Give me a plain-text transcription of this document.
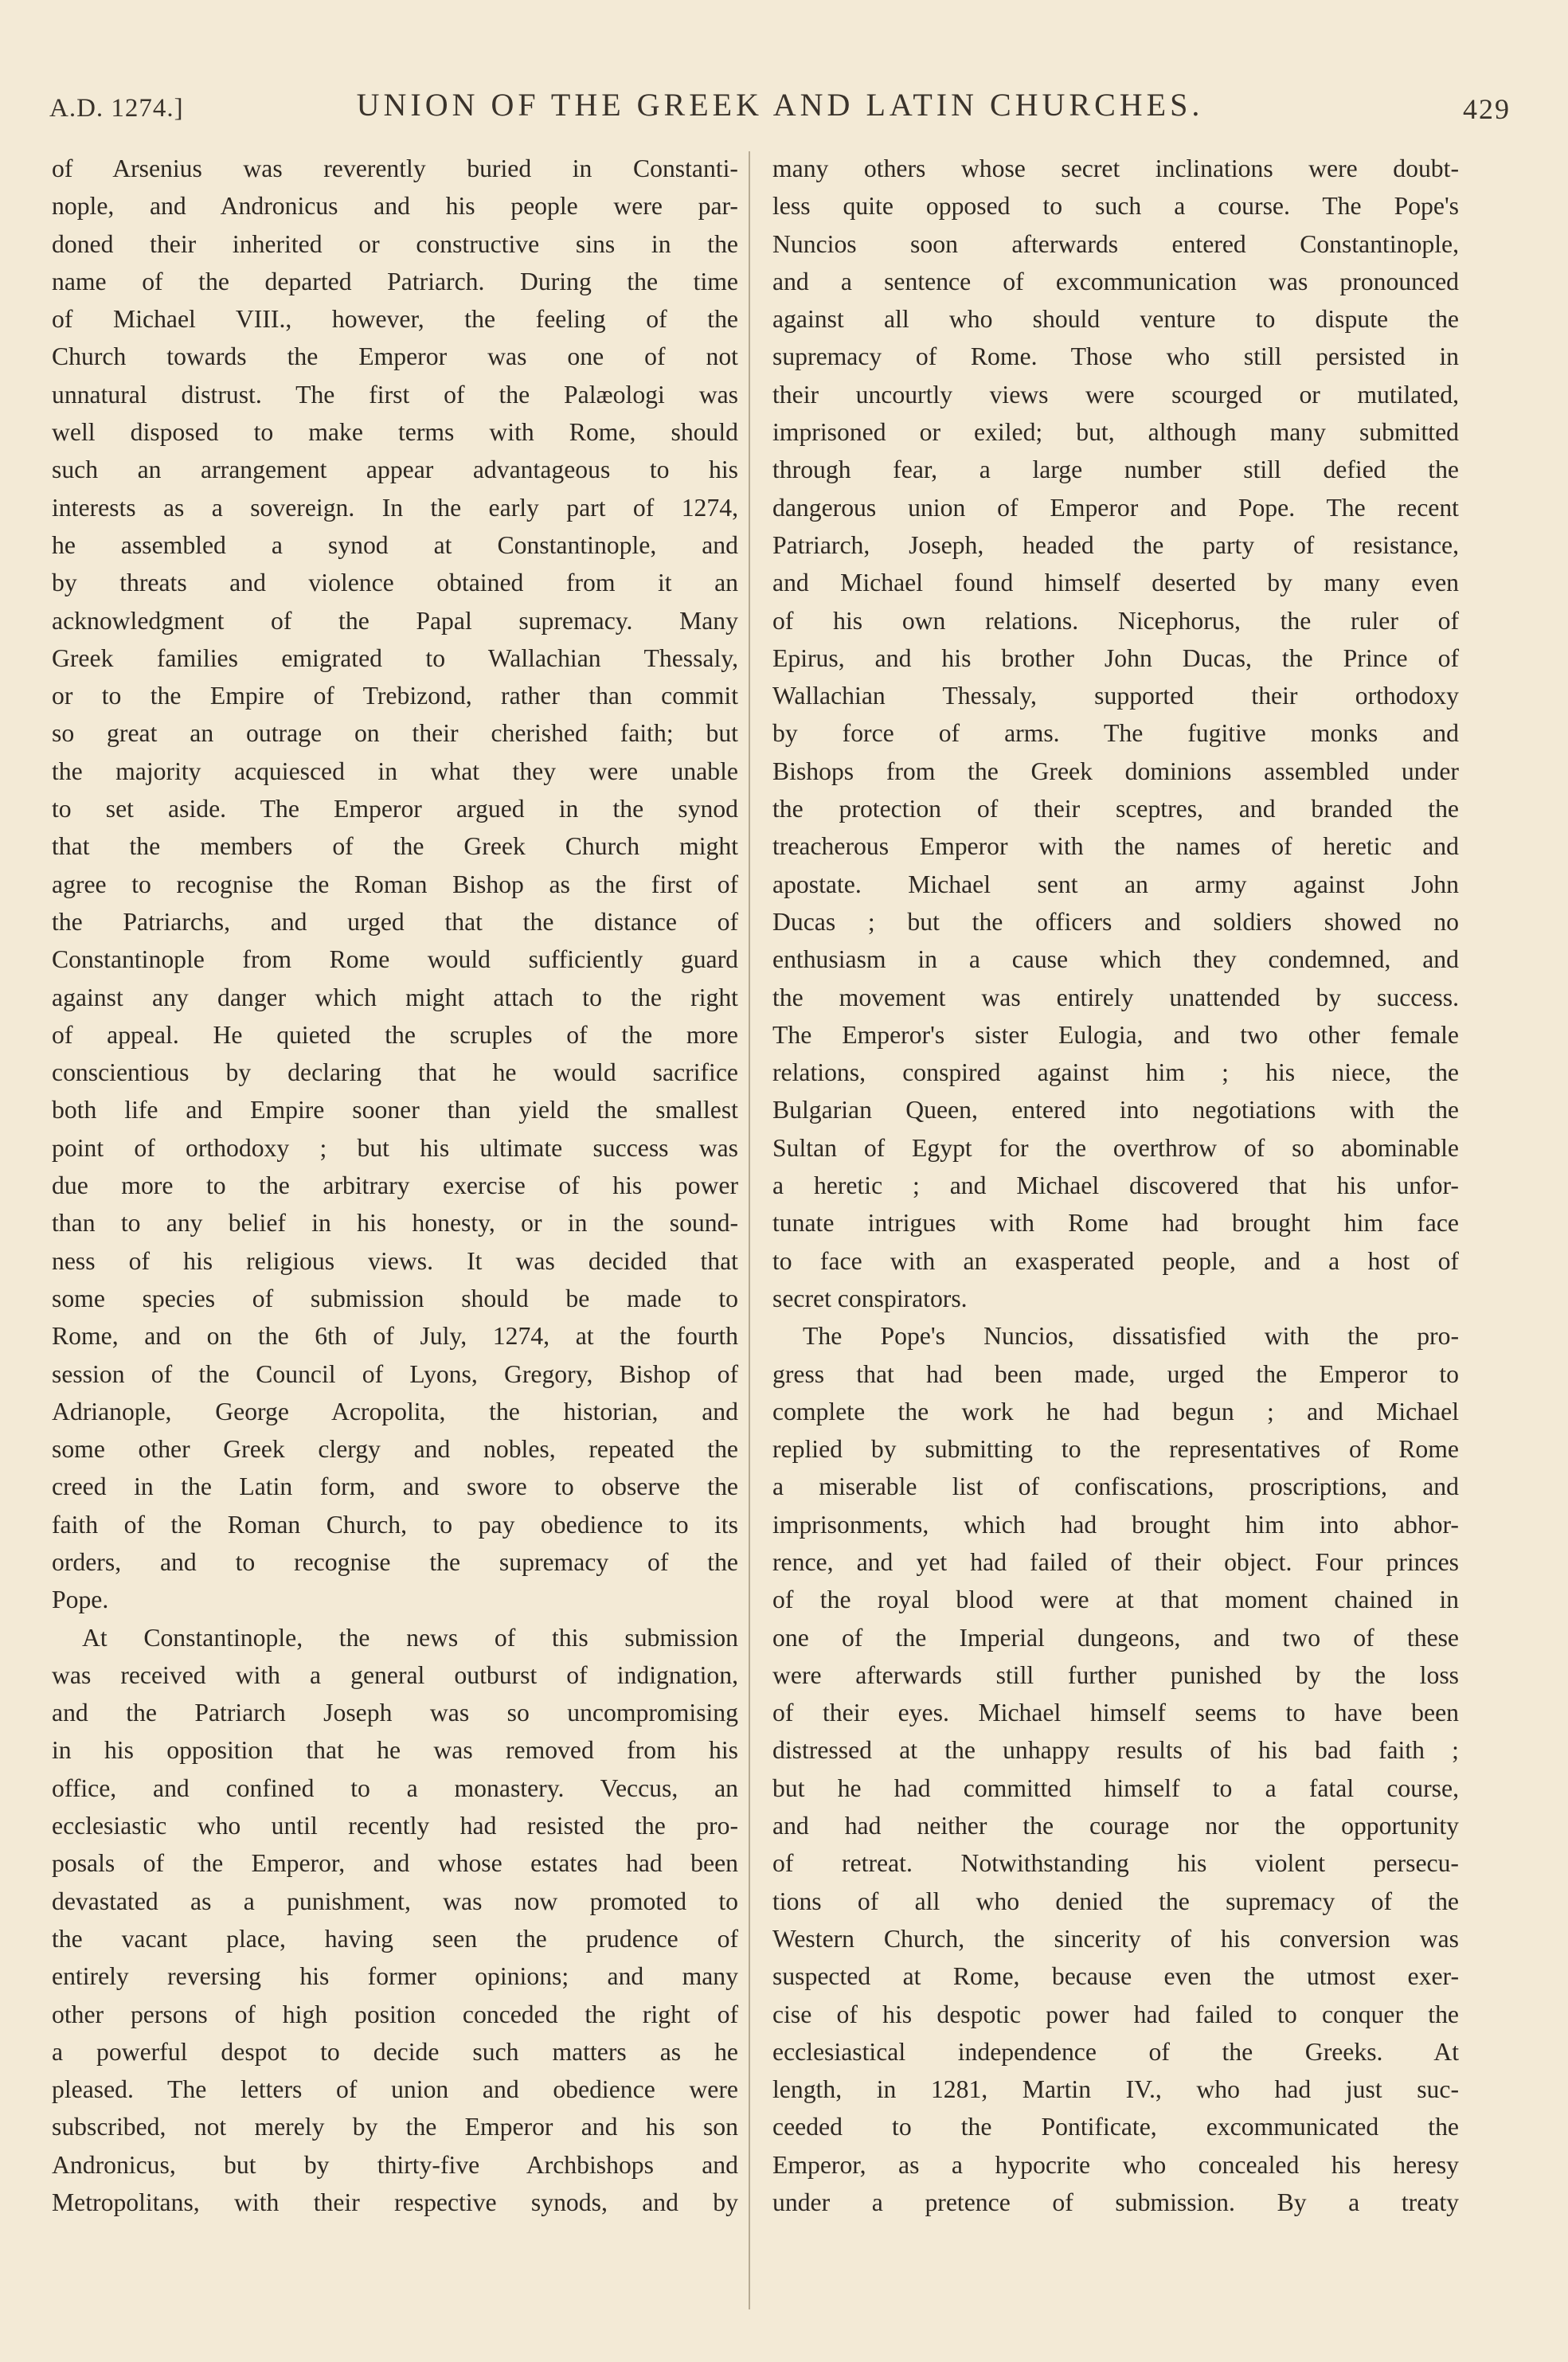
A.D. 1274.]	UNION OF THE GREEK AND LATIN CHURCHES.	429
of Arsenius was reverently buried in Constanti-
nople, and Andronicus and his people were par-
doned their inherited or constructive sins in the
name of the departed Patriarch. During the time
of Michael VIII., however, the feeling of the
Church towards the Emperor was one of not
unnatural distrust. The first of the Palæologi was
well disposed to make terms with Rome, should
such an arrangement appear advantageous to his
interests as a sovereign. In the early part of 1274,
he assembled a synod at Constantinople, and
by threats and violence obtained from it an
acknowledgment of the Papal supremacy. Many
Greek families emigrated to Wallachian Thessaly,
or to the Empire of Trebizond, rather than commit
so great an outrage on their cherished faith; but
the majority acquiesced in what they were unable
to set aside. The Emperor argued in the synod
that the members of the Greek Church might
agree to recognise the Roman Bishop as the first of
the Patriarchs, and urged that the distance of
Constantinople from Rome would sufficiently guard
against any danger which might attach to the right
of appeal. He quieted the scruples of the more
conscientious by declaring that he would sacrifice
both life and Empire sooner than yield the smallest
point of orthodoxy ; but his ultimate success was
due more to the arbitrary exercise of his power
than to any belief in his honesty, or in the sound-
ness of his religious views. It was decided that
some species of submission should be made to
Rome, and on the 6th of July, 1274, at the fourth
session of the Council of Lyons, Gregory, Bishop of
Adrianople, George Acropolita, the historian, and
some other Greek clergy and nobles, repeated the
creed in the Latin form, and swore to observe the
faith of the Roman Church, to pay obedience to its
orders, and to recognise the supremacy of the
Pope.
At Constantinople, the news of this submission
was received with a general outburst of indignation,
and the Patriarch Joseph was so uncompromising
in his opposition that he was removed from his
office, and confined to a monastery. Veccus, an
ecclesiastic who until recently had resisted the pro-
posals of the Emperor, and whose estates had been
devastated as a punishment, was now promoted to
the vacant place, having seen the prudence of
entirely reversing his former opinions; and many
other persons of high position conceded the right of
a powerful despot to decide such matters as he
pleased. The letters of union and obedience were
subscribed, not merely by the Emperor and his son
Andronicus, but by thirty-five Archbishops and
Metropolitans, with their respective synods, and by
many others whose secret inclinations were doubt-
less quite opposed to such a course. The Pope's
Nuncios soon afterwards entered Constantinople,
and a sentence of excommunication was pronounced
against all who should venture to dispute the
supremacy of Rome. Those who still persisted in
their uncourtly views were scourged or mutilated,
imprisoned or exiled; but, although many submitted
through fear, a large number still defied the
dangerous union of Emperor and Pope. The recent
Patriarch, Joseph, headed the party of resistance,
and Michael found himself deserted by many even
of his own relations. Nicephorus, the ruler of
Epirus, and his brother John Ducas, the Prince of
Wallachian Thessaly, supported their orthodoxy
by force of arms. The fugitive monks and
Bishops from the Greek dominions assembled under
the protection of their sceptres, and branded the
treacherous Emperor with the names of heretic and
apostate. Michael sent an army against John
Ducas ; but the officers and soldiers showed no
enthusiasm in a cause which they condemned, and
the movement was entirely unattended by success.
The Emperor's sister Eulogia, and two other female
relations, conspired against him ; his niece, the
Bulgarian Queen, entered into negotiations with the
Sultan of Egypt for the overthrow of so abominable
a heretic ; and Michael discovered that his unfor-
tunate intrigues with Rome had brought him face
to face with an exasperated people, and a host of
secret conspirators.
The Pope's Nuncios, dissatisfied with the pro-
gress that had been made, urged the Emperor to
complete the work he had begun ; and Michael
replied by submitting to the representatives of Rome
a miserable list of confiscations, proscriptions, and
imprisonments, which had brought him into abhor-
rence, and yet had failed of their object. Four princes
of the royal blood were at that moment chained in
one of the Imperial dungeons, and two of these
were afterwards still further punished by the loss
of their eyes. Michael himself seems to have been
distressed at the unhappy results of his bad faith ;
but he had committed himself to a fatal course,
and had neither the courage nor the opportunity
of retreat. Notwithstanding his violent persecu-
tions of all who denied the supremacy of the
Western Church, the sincerity of his conversion was
suspected at Rome, because even the utmost exer-
cise of his despotic power had failed to conquer the
ecclesiastical independence of the Greeks. At
length, in 1281, Martin IV., who had just suc-
ceeded to the Pontificate, excommunicated the
Emperor, as a hypocrite who concealed his heresy
under a pretence of submission. By a treaty
